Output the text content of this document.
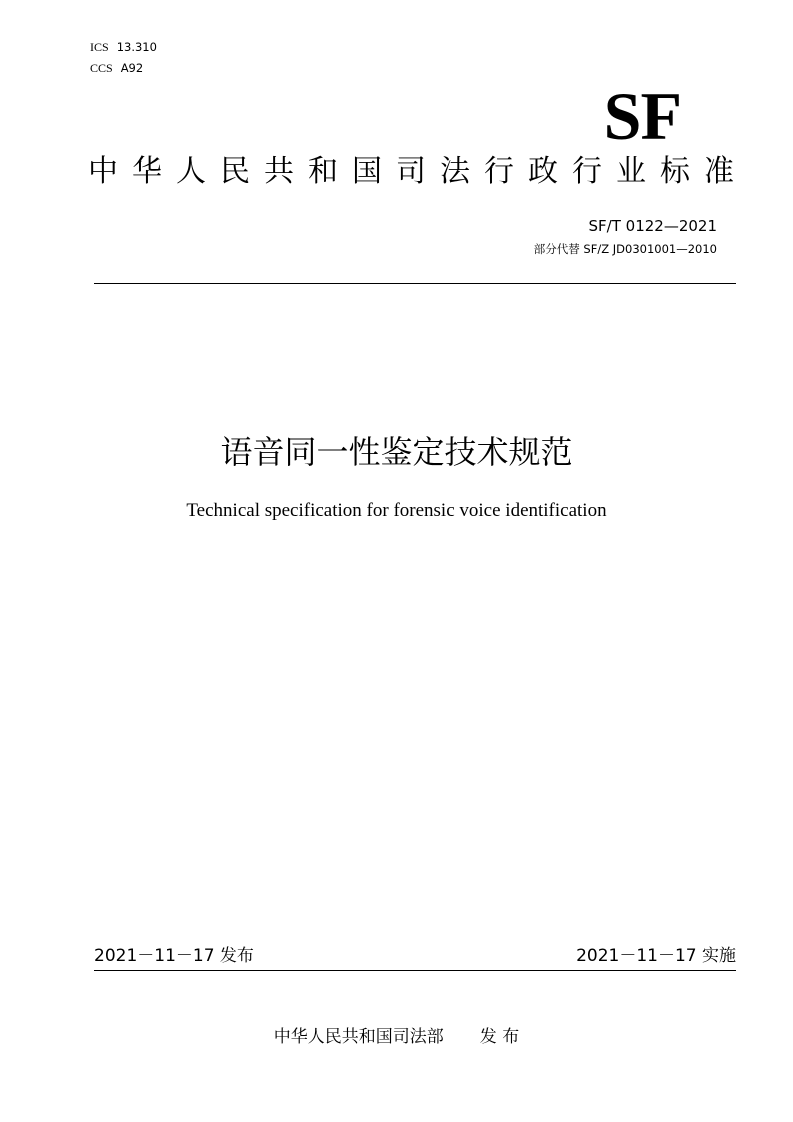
ICS 13.310
CCS A92
SF
中 华 人 民 共 和 国 司 法 行 政 行 业 标 准
SF/T 0122—2021
部分代替 SF/Z JD0301001—2010
语音同一性鉴定技术规范
Technical specification for forensic voice identification
2021－11－17 发布	2021－11－17 实施
中华人民共和国司法部 发 布
